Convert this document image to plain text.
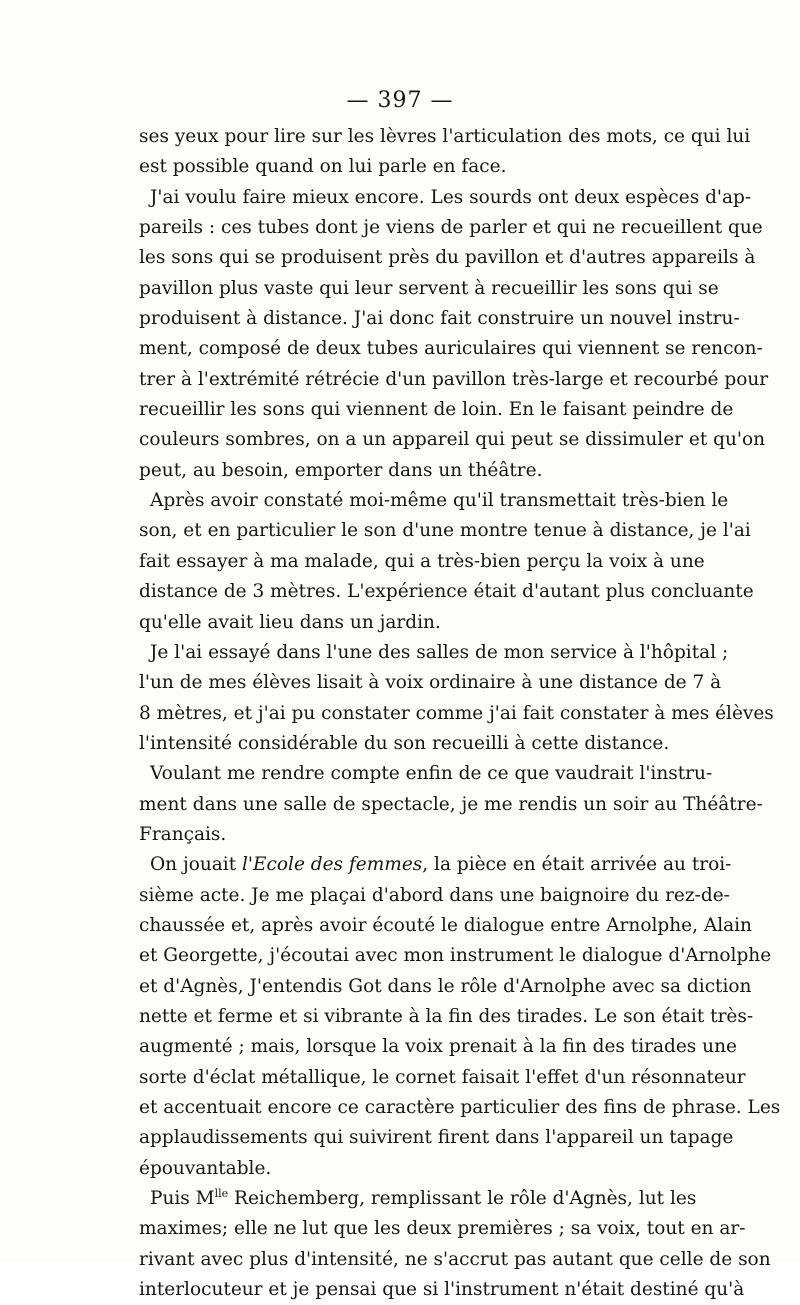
— 397 —
ses yeux pour lire sur les lèvres l'articulation des mots, ce qui lui
est possible quand on lui parle en face.
J'ai voulu faire mieux encore. Les sourds ont deux espèces d'ap-
pareils : ces tubes dont je viens de parler et qui ne recueillent que
les sons qui se produisent près du pavillon et d'autres appareils à
pavillon plus vaste qui leur servent à recueillir les sons qui se
produisent à distance. J'ai donc fait construire un nouvel instru-
ment, composé de deux tubes auriculaires qui viennent se rencon-
trer à l'extrémité rétrécie d'un pavillon très-large et recourbé pour
recueillir les sons qui viennent de loin. En le faisant peindre de
couleurs sombres, on a un appareil qui peut se dissimuler et qu'on
peut, au besoin, emporter dans un théâtre.
Après avoir constaté moi-même qu'il transmettait très-bien le
son, et en particulier le son d'une montre tenue à distance, je l'ai
fait essayer à ma malade, qui a très-bien perçu la voix à une
distance de 3 mètres. L'expérience était d'autant plus concluante
qu'elle avait lieu dans un jardin.
Je l'ai essayé dans l'une des salles de mon service à l'hôpital ;
l'un de mes élèves lisait à voix ordinaire à une distance de 7 à
8 mètres, et j'ai pu constater comme j'ai fait constater à mes élèves
l'intensité considérable du son recueilli à cette distance.
Voulant me rendre compte enfin de ce que vaudrait l'instru-
ment dans une salle de spectacle, je me rendis un soir au Théâtre-
Français.
On jouait l'Ecole des femmes, la pièce en était arrivée au troi-
sième acte. Je me plaçai d'abord dans une baignoire du rez-de-
chaussée et, après avoir écouté le dialogue entre Arnolphe, Alain
et Georgette, j'écoutai avec mon instrument le dialogue d'Arnolphe
et d'Agnès, J'entendis Got dans le rôle d'Arnolphe avec sa diction
nette et ferme et si vibrante à la fin des tirades. Le son était très-
augmenté ; mais, lorsque la voix prenait à la fin des tirades une
sorte d'éclat métallique, le cornet faisait l'effet d'un résonnateur
et accentuait encore ce caractère particulier des fins de phrase. Les
applaudissements qui suivirent firent dans l'appareil un tapage
épouvantable.
Puis $M^{lle}$ Reichemberg, remplissant le rôle d'Agnès, lut les
maximes; elle ne lut que les deux premières ; sa voix, tout en ar-
rivant avec plus d'intensité, ne s'accrut pas autant que celle de son
interlocuteur et je pensai que si l'instrument n'était destiné qu'à
